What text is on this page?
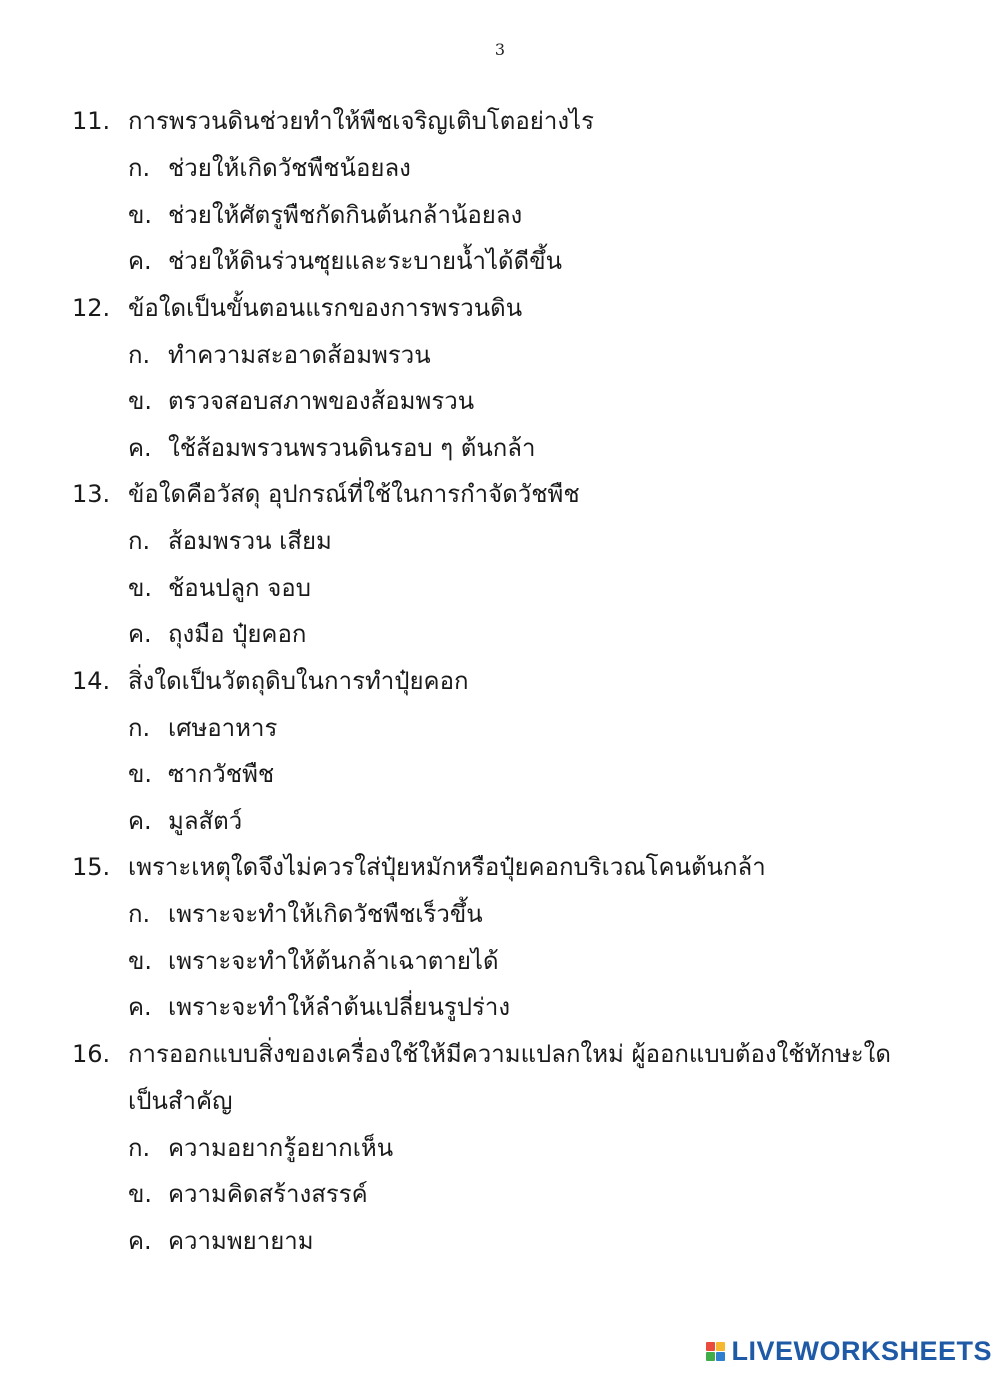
3
11. การพรวนดินช่วยทำให้พืชเจริญเติบโตอย่างไร
ก. ช่วยให้เกิดวัชพืชน้อยลง
ข. ช่วยให้ศัตรูพืชกัดกินต้นกล้าน้อยลง
ค. ช่วยให้ดินร่วนซุยและระบายน้ำได้ดีขึ้น
12. ข้อใดเป็นขั้นตอนแรกของการพรวนดิน
ก. ทำความสะอาดส้อมพรวน
ข. ตรวจสอบสภาพของส้อมพรวน
ค. ใช้ส้อมพรวนพรวนดินรอบ ๆ ต้นกล้า
13. ข้อใดคือวัสดุ อุปกรณ์ที่ใช้ในการกำจัดวัชพืช
ก. ส้อมพรวน เสียม
ข. ช้อนปลูก จอบ
ค. ถุงมือ ปุ๋ยคอก
14. สิ่งใดเป็นวัตถุดิบในการทำปุ๋ยคอก
ก. เศษอาหาร
ข. ซากวัชพืช
ค. มูลสัตว์
15. เพราะเหตุใดจึงไม่ควรใส่ปุ๋ยหมักหรือปุ๋ยคอกบริเวณโคนต้นกล้า
ก. เพราะจะทำให้เกิดวัชพืชเร็วขึ้น
ข. เพราะจะทำให้ต้นกล้าเฉาตายได้
ค. เพราะจะทำให้ลำต้นเปลี่ยนรูปร่าง
16. การออกแบบสิ่งของเครื่องใช้ให้มีความแปลกใหม่ ผู้ออกแบบต้องใช้ทักษะใด
เป็นสำคัญ
ก. ความอยากรู้อยากเห็น
ข. ความคิดสร้างสรรค์
ค. ความพยายาม
LIVEWORKSHEETS
